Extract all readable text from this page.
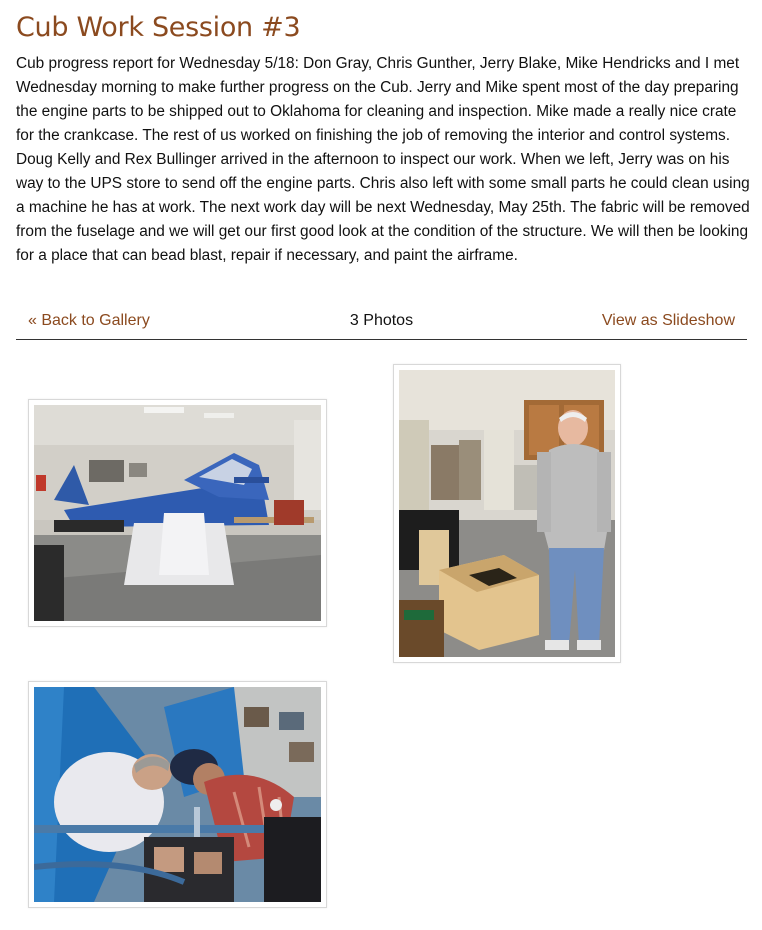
Cub Work Session #3

Cub progress report for Wednesday 5/18: Don Gray, Chris Gunther, Jerry Blake, Mike Hendricks and I met Wednesday morning to make further progress on the Cub. Jerry and Mike spent most of the day preparing the engine parts to be shipped out to Oklahoma for cleaning and inspection. Mike made a really nice crate for the crankcase. The rest of us worked on finishing the job of removing the interior and control systems. Doug Kelly and Rex Bullinger arrived in the afternoon to inspect our work. When we left, Jerry was on his way to the UPS store to send off the engine parts. Chris also left with some small parts he could clean using a machine he has at work. The next work day will be next Wednesday, May 25th. The fabric will be removed from the fuselage and we will get our first good look at the condition of the structure. We will then be looking for a place that can bead blast, repair if necessary, and paint the airframe.

« Back to Gallery	3 Photos	View as Slideshow
